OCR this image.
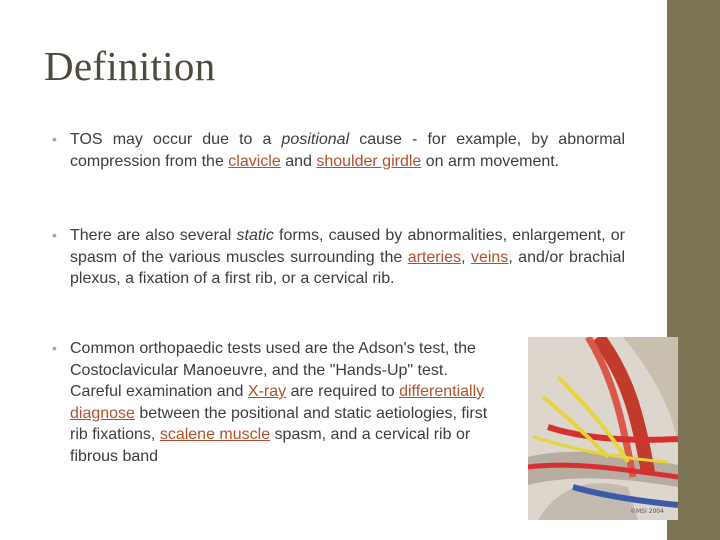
Definition
• TOS may occur due to a positional cause - for example, by abnormal compression from the clavicle and shoulder girdle on arm movement.

• There are also several static forms, caused by abnormalities, enlargement, or spasm of the various muscles surrounding the arteries, veins, and/or brachial plexus, a fixation of a first rib, or a cervical rib.

• Common orthopaedic tests used are the Adson's test, the Costoclavicular Manoeuvre, and the "Hands-Up" test. Careful examination and X-ray are required to differentially diagnose between the positional and static aetiologies, first rib fixations, scalene muscle spasm, and a cervical rib or fibrous band

©MSI 2004
